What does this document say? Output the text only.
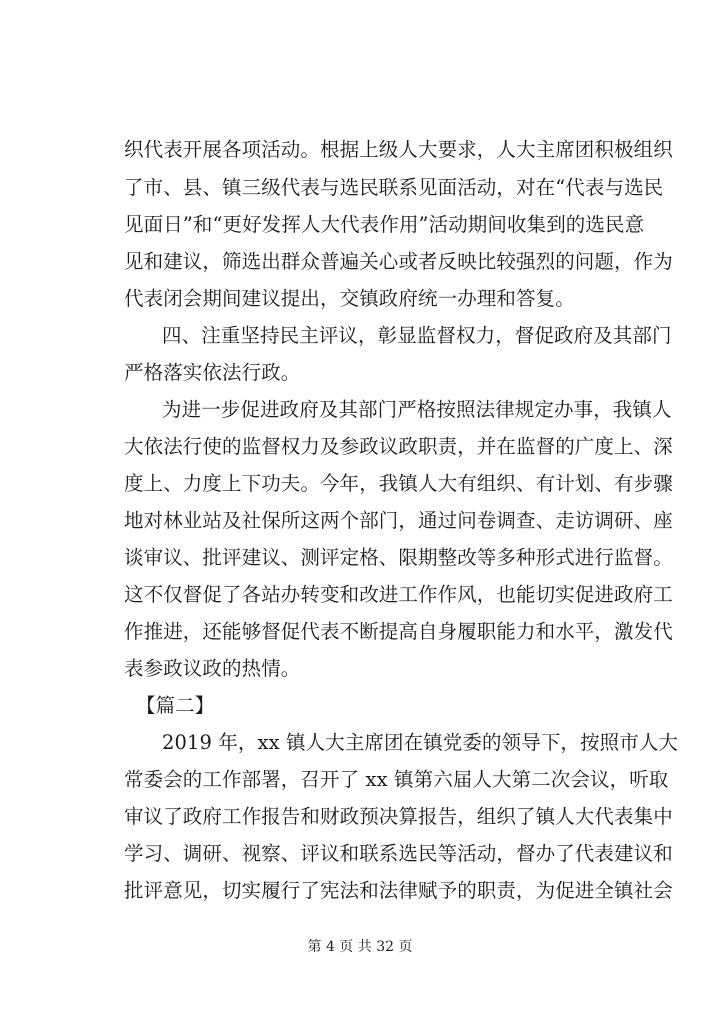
织代表开展各项活动。根据上级人大要求，人大主席团积极组织
了市、县、镇三级代表与选民联系见面活动，对在“代表与选民
见面日”和“更好发挥人大代表作用”活动期间收集到的选民意
见和建议，筛选出群众普遍关心或者反映比较强烈的问题，作为
代表闭会期间建议提出，交镇政府统一办理和答复。
四、注重坚持民主评议，彰显监督权力，督促政府及其部门
严格落实依法行政。
为进一步促进政府及其部门严格按照法律规定办事，我镇人
大依法行使的监督权力及参政议政职责，并在监督的广度上、深
度上、力度上下功夫。今年，我镇人大有组织、有计划、有步骤
地对林业站及社保所这两个部门，通过问卷调查、走访调研、座
谈审议、批评建议、测评定格、限期整改等多种形式进行监督。
这不仅督促了各站办转变和改进工作作风，也能切实促进政府工
作推进，还能够督促代表不断提高自身履职能力和水平，激发代
表参政议政的热情。
【篇二】
2019 年，xx 镇人大主席团在镇党委的领导下，按照市人大
常委会的工作部署，召开了 xx 镇第六届人大第二次会议，听取
审议了政府工作报告和财政预决算报告，组织了镇人大代表集中
学习、调研、视察、评议和联系选民等活动，督办了代表建议和
批评意见，切实履行了宪法和法律赋予的职责，为促进全镇社会
第 4 页 共 32 页
